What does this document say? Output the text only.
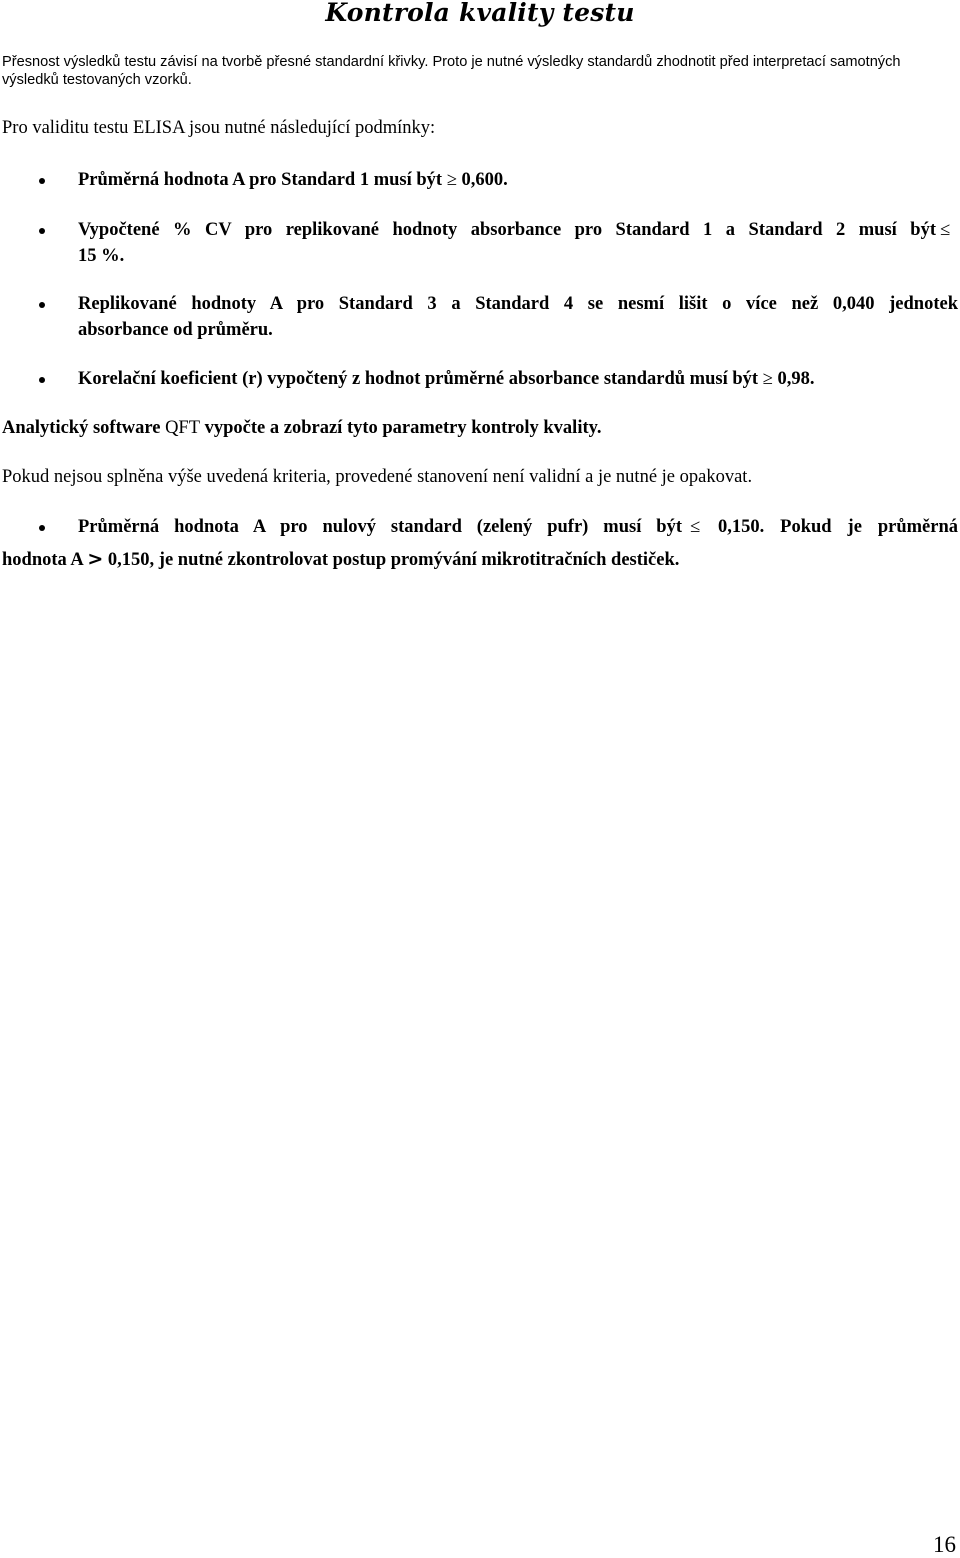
Kontrola kvality testu
Přesnost výsledků testu závisí na tvorbě přesné standardní křivky. Proto je nutné výsledky standardů zhodnotit před interpretací samotných
výsledků testovaných vzorků.
Pro validitu testu ELISA jsou nutné následující podmínky:
Průměrná hodnota A pro Standard 1 musí být ≥ 0,600.
Vypočtené % CV pro replikované hodnoty absorbance pro Standard 1 a Standard 2 musí být ≤
15 %.
Replikované hodnoty A pro Standard 3 a Standard 4 se nesmí lišit o více než 0,040 jednotek
absorbance od průměru.
Korelační koeficient (r) vypočtený z hodnot průměrné absorbance standardů musí být ≥ 0,98.
Analytický software QFT vypočte a zobrazí tyto parametry kontroly kvality.
Pokud nejsou splněna výše uvedená kriteria, provedené stanovení není validní a je nutné je opakovat.
Průměrná hodnota A pro nulový standard (zelený pufr) musí být ≤ 0,150. Pokud je průměrná
hodnota A > 0,150, je nutné zkontrolovat postup promývání mikrotitračních destiček.
16
